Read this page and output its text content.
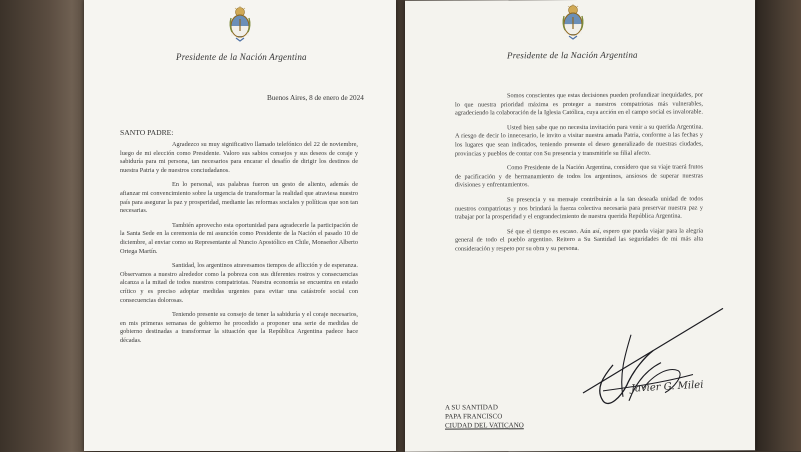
Presidente de la Nación Argentina
Buenos Aires, 8 de enero de 2024
SANTO PADRE:

Agradezco su muy significativo llamado telefónico del 22 de noviembre, luego de mi elección como Presidente. Valoro sus sabios consejos y sus deseos de coraje y sabiduría para mi persona, tan necesarios para encarar el desafío de dirigir los destinos de nuestra Patria y de nuestros conciudadanos.

En lo personal, sus palabras fueron un gesto de aliento, además de afianzar mi convencimiento sobre la urgencia de transformar la realidad que atraviesa nuestro país para asegurar la paz y prosperidad, mediante las reformas sociales y políticas que son tan necesarias.

También aprovecho esta oportunidad para agradecerle la participación de la Santa Sede en la ceremonia de mi asunción como Presidente de la Nación el pasado 10 de diciembre, al enviar como su Representante al Nuncio Apostólico en Chile, Monseñor Alberto Ortega Martín.

Santidad, los argentinos atravesamos tiempos de aflicción y de esperanza. Observamos a nuestro alrededor como la pobreza con sus diferentes rostros y consecuencias alcanza a la mitad de todos nuestros compatriotas. Nuestra economía se encuentra en estado crítico y es preciso adoptar medidas urgentes para evitar una catástrofe social con consecuencias dolorosas.

Teniendo presente su consejo de tener la sabiduría y el coraje necesarios, en mis primeras semanas de gobierno he procedido a proponer una serie de medidas de gobierno destinadas a transformar la situación que la República Argentina padece hace décadas.

Presidente de la Nación Argentina

Somos conscientes que estas decisiones pueden profundizar inequidades, por lo que nuestra prioridad máxima es proteger a nuestros compatriotas más vulnerables, agradeciendo la colaboración de la Iglesia Católica, cuya acción en el campo social es invalorable.

Usted bien sabe que no necesita invitación para venir a su querida Argentina. A riesgo de decir lo innecesario, le invito a visitar nuestra amada Patria, conforme a las fechas y los lugares que sean indicados, teniendo presente el deseo generalizado de nuestras ciudades, provincias y pueblos de contar con Su presencia y transmitirle su filial afecto.

Como Presidente de la Nación Argentina, considero que su viaje traerá frutos de pacificación y de hermanamiento de todos los argentinos, ansiosos de superar nuestras divisiones y enfrentamientos.

Su presencia y su mensaje contribuirán a la tan deseada unidad de todos nuestros compatriotas y nos brindará la fuerza colectiva necesaria para preservar nuestra paz y trabajar por la prosperidad y el engrandecimiento de nuestra querida República Argentina.

Sé que el tiempo es escaso. Aún así, espero que pueda viajar para la alegría general de todo el pueblo argentino. Reitero a Su Santidad las seguridades de mi más alta consideración y respeto por su obra y su persona.

Javier G. Milei
A SU SANTIDAD
PAPA FRANCISCO
CIUDAD DEL VATICANO
